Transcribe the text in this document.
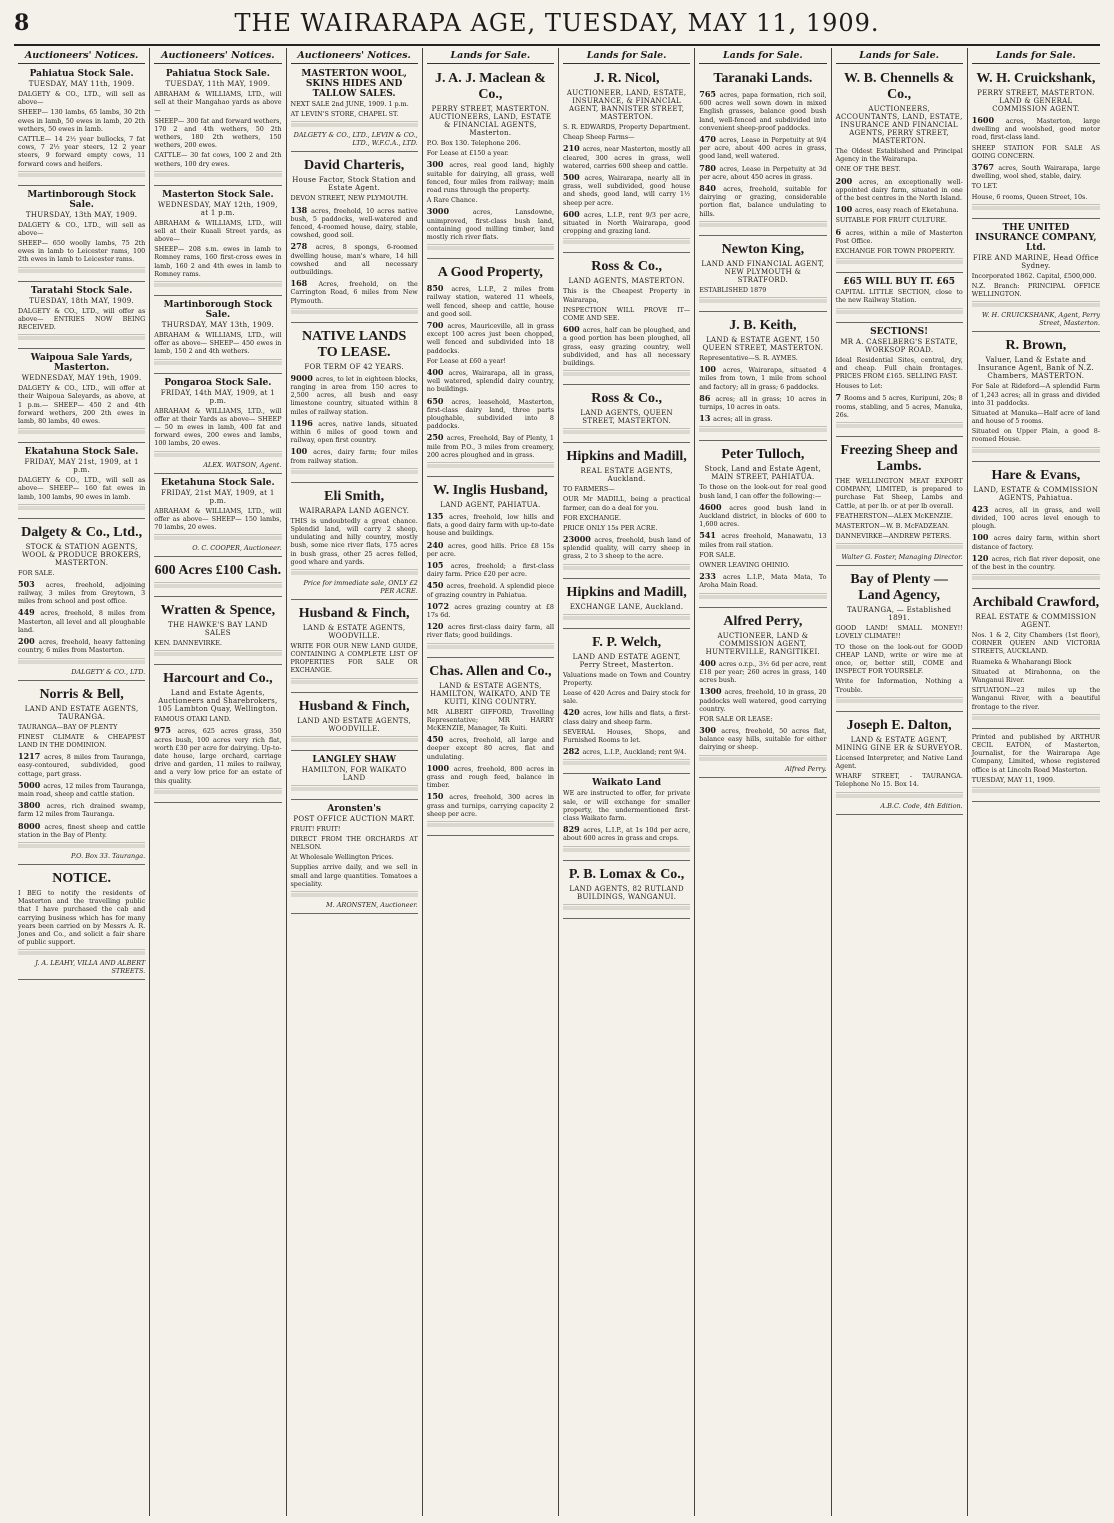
8	THE WAIRARAPA AGE, TUESDAY, MAY 11, 1909.
Auctioneers' Notices.
Pahiatua Stock Sale.
TUESDAY, MAY 11th, 1909.

DALGETY & CO., LTD., will sell as above—

SHEEP— 130 lambs, 65 lambs, 30 2th ewes in lamb, 50 ewes in lamb, 20 2th wethers, 50 ewes in lamb.

CATTLE— 14 2½ year bullocks, 7 fat cows, 7 2½ year steers, 12 2 year steers, 9 forward empty cows, 11 forward cows and heifers.

Martinborough Stock Sale.
THURSDAY, 13th MAY, 1909.

DALGETY & CO., LTD., will sell as above—

SHEEP— 650 woolly lambs, 75 2th ewes in lamb to Leicester rams, 100 2th ewes in lamb to Leicester rams.

Taratahi Stock Sale.
TUESDAY, 18th MAY, 1909.

DALGETY & CO., LTD., will offer as above— ENTRIES NOW BEING RECEIVED.

Waipoua Sale Yards, Masterton.
WEDNESDAY, MAY 19th, 1909.

DALGETY & CO., LTD., will offer at their Waipoua Saleyards, as above, at 1 p.m.— SHEEP— 450 2 and 4th forward wethers, 200 2th ewes in lamb, 80 lambs, 40 ewes.

Ekatahuna Stock Sale.
FRIDAY, MAY 21st, 1909, at 1 p.m.

DALGETY & CO., LTD., will sell as above— SHEEP— 160 fat ewes in lamb, 100 lambs, 90 ewes in lamb.

Dalgety & Co., Ltd.,
STOCK & STATION AGENTS, WOOL & PRODUCE BROKERS, MASTERTON.

FOR SALE.

503 acres, freehold, adjoining railway, 3 miles from Greytown, 3 miles from school and post office.

449 acres, freehold, 8 miles from Masterton, all level and all ploughable land.

200 acres, freehold, heavy fattening country, 6 miles from Masterton.

DALGETY & CO., LTD.
Norris & Bell,
LAND AND ESTATE AGENTS, TAURANGA.

TAURANGA—BAY OF PLENTY

FINEST CLIMATE & CHEAPEST LAND IN THE DOMINION.

1217 acres, 8 miles from Tauranga, easy-contoured, subdivided, good cottage, part grass.

5000 acres, 12 miles from Tauranga, main road, sheep and cattle station.

3800 acres, rich drained swamp, farm 12 miles from Tauranga.

8000 acres, finest sheep and cattle station in the Bay of Plenty.

P.O. Box 33. Tauranga.
NOTICE.

I BEG to notify the residents of Masterton and the travelling public that I have purchased the cab and carrying business which has for many years been carried on by Messrs A. R. Jones and Co., and solicit a fair share of public support.

J. A. LEAHY, VILLA AND ALBERT STREETS.
Auctioneers' Notices.
Pahiatua Stock Sale.
TUESDAY, 11th MAY, 1909.

ABRAHAM & WILLIAMS, LTD., will sell at their Mangahao yards as above—

SHEEP— 300 fat and forward wethers, 170 2 and 4th wethers, 50 2th wethers, 180 2th wethers, 150 wethers, 200 ewes.

CATTLE— 30 fat cows, 100 2 and 2th wethers, 100 dry ewes.

Masterton Stock Sale.
WEDNESDAY, MAY 12th, 1909, at 1 p.m.

ABRAHAM & WILLIAMS, LTD., will sell at their Kuaali Street yards, as above—

SHEEP— 208 s.m. ewes in lamb to Romney rams, 160 first-cross ewes in lamb, 160 2 and 4th ewes in lamb to Romney rams.

Martinborough Stock Sale.
THURSDAY, MAY 13th, 1909.

ABRAHAM & WILLIAMS, LTD., will offer as above— SHEEP— 450 ewes in lamb, 150 2 and 4th wethers.

Pongaroa Stock Sale.
FRIDAY, 14th MAY, 1909, at 1 p.m.

ABRAHAM & WILLIAMS, LTD., will offer at their Yards as above— SHEEP— 50 m ewes in lamb, 400 fat and forward ewes, 200 ewes and lambs, 100 lambs, 20 ewes.

ALEX. WATSON, Agent.
Eketahuna Stock Sale.
FRIDAY, 21st MAY, 1909, at 1 p.m.

ABRAHAM & WILLIAMS, LTD., will offer as above— SHEEP— 150 lambs, 70 lambs, 20 ewes.

O. C. COOPER, Auctioneer.
600 Acres £100 Cash.
Wratten & Spence,
THE HAWKE'S BAY LAND SALES

KEN. DANNEVIRKE.

Harcourt and Co.,
Land and Estate Agents, Auctioneers and Sharebrokers, 105 Lambton Quay, Wellington.

FAMOUS OTAKI LAND.

975 acres, 625 acres grass, 350 acres bush, 100 acres very rich flat, worth £30 per acre for dairying. Up-to-date house, large orchard, carriage drive and garden, 11 miles to railway, and a very low price for an estate of this quality.

Auctioneers' Notices.
MASTERTON WOOL, SKINS HIDES AND TALLOW SALES.

NEXT SALE 2nd JUNE, 1909. 1 p.m.

AT LEVIN'S STORE, CHAPEL ST.

DALGETY & CO., LTD., LEVIN & CO., LTD., W.F.C.A., LTD.
David Charteris,
House Factor, Stock Station and Estate Agent.

DEVON STREET, NEW PLYMOUTH.

138 acres, freehold, 10 acres native bush, 5 paddocks, well-watered and fenced, 4-roomed house, dairy, stable, cowshed, good soil.

278 acres, 8 spongs, 6-roomed dwelling house, man's whare, 14 hill cowshed and all necessary outbuildings.

168 Acres, freehold, on the Carrington Road, 6 miles from New Plymouth.

NATIVE LANDS TO LEASE.
FOR TERM OF 42 YEARS.

9000 acres, to let in eighteen blocks, ranging in area from 150 acres to 2,500 acres, all bush and easy limestone country, situated within 8 miles of railway station.

1196 acres, native lands, situated within 6 miles of good town and railway, open first country.

100 acres, dairy farm; four miles from railway station.

Eli Smith,
WAIRARAPA LAND AGENCY.

THIS is undoubtedly a great chance. Splendid land, will carry 2 sheep, undulating and hilly country, mostly bush, some nice river flats, 175 acres in bush grass, other 25 acres felled, good whare and yards.

Price for immediate sale, ONLY £2 PER ACRE.
Husband & Finch,
LAND & ESTATE AGENTS, WOODVILLE.

WRITE FOR OUR NEW LAND GUIDE, CONTAINING A COMPLETE LIST OF PROPERTIES FOR SALE OR EXCHANGE.

Husband & Finch,
LAND AND ESTATE AGENTS, WOODVILLE.
LANGLEY SHAW
HAMILTON, FOR WAIKATO LAND
Aronsten's
POST OFFICE AUCTION MART.

FRUIT! FRUIT!

DIRECT FROM THE ORCHARDS AT NELSON.

At Wholesale Wellington Prices.

Supplies arrive daily, and we sell in small and large quantities. Tomatoes a speciality.

M. ARONSTEN, Auctioneer.
Lands for Sale.
J. A. J. Maclean & Co.,
PERRY STREET, MASTERTON. AUCTIONEERS, LAND, ESTATE & FINANCIAL AGENTS, Masterton.

P.O. Box 130. Telephone 206.

For Lease at £150 a year.

300 acres, real good land, highly suitable for dairying, all grass, well fenced, four miles from railway; main road runs through the property.

A Rare Chance.

3000 acres, Lansdowne, unimproved, first-class bush land, containing good milling timber, land mostly rich river flats.

A Good Property,

850 acres, L.I.P., 2 miles from railway station, watered 11 wheels, well fenced, sheep and cattle, house and good soil.

700 acres, Mauriceville, all in grass except 100 acres just been chopped, well fenced and subdivided into 18 paddocks.

For Lease at £60 a year!

400 acres, Wairarapa, all in grass, well watered, splendid dairy country, no buildings.

650 acres, leasehold, Masterton, first-class dairy land, three parts ploughable, subdivided into 8 paddocks.

250 acres, Freehold, Bay of Plenty, 1 mile from P.O., 3 miles from creamery, 200 acres ploughed and in grass.

W. Inglis Husband,
LAND AGENT, PAHIATUA.

135 acres, freehold, low hills and flats, a good dairy farm with up-to-date house and buildings.

240 acres, good hills. Price £8 15s per acre.

105 acres, freehold; a first-class dairy farm. Price £20 per acre.

450 acres, freehold. A splendid piece of grazing country in Pahiatua.

1072 acres grazing country at £8 17s 6d.

120 acres first-class dairy farm, all river flats; good buildings.

Chas. Allen and Co.,
LAND & ESTATE AGENTS, HAMILTON, WAIKATO, AND TE KUITI, KING COUNTRY.

MR ALBERT GIFFORD, Travelling Representative; MR HARRY McKENZIE, Manager, Te Kuiti.

450 acres, freehold, all large and deeper except 80 acres, flat and undulating.

1000 acres, freehold, 800 acres in grass and rough feed, balance in timber.

150 acres, freehold, 300 acres in grass and turnips, carrying capacity 2 sheep per acre.

Lands for Sale.
J. R. Nicol,
AUCTIONEER, LAND, ESTATE, INSURANCE, & FINANCIAL AGENT, BANNISTER STREET, MASTERTON.

S. R. EDWARDS, Property Department.

Cheap Sheep Farms—

210 acres, near Masterton, mostly all cleared, 300 acres in grass, well watered, carries 600 sheep and cattle.

500 acres, Wairarapa, nearly all in grass, well subdivided, good house and sheds, good land, will carry 1½ sheep per acre.

600 acres, L.I.P., rent 9/3 per acre, situated in North Wairarapa, good cropping and grazing land.

Ross & Co.,
LAND AGENTS, MASTERTON.

This is the Cheapest Property in Wairarapa,

INSPECTION WILL PROVE IT— COME AND SEE.

600 acres, half can be ploughed, and a good portion has been ploughed, all grass, easy grazing country, well subdivided, and has all necessary buildings.

Ross & Co.,
LAND AGENTS, QUEEN STREET, MASTERTON.
Hipkins and Madill,
REAL ESTATE AGENTS, Auckland.

TO FARMERS—

OUR Mr MADILL, being a practical farmer, can do a deal for you.

FOR EXCHANGE.

PRICE ONLY 15s PER ACRE.

23000 acres, freehold, bush land of splendid quality, will carry sheep in grass, 2 to 3 sheep to the acre.

Hipkins and Madill,
EXCHANGE LANE, Auckland.
F. P. Welch,
LAND AND ESTATE AGENT, Perry Street, Masterton.

Valuations made on Town and Country Property.

Lease of 420 Acres and Dairy stock for sale.

420 acres, low hills and flats, a first-class dairy and sheep farm.

SEVERAL Houses, Shops, and Furnished Rooms to let.

282 acres, L.I.P., Auckland; rent 9/4.

Waikato Land

WE are instructed to offer, for private sale, or will exchange for smaller property, the undermentioned first-class Waikato farm.

829 acres, L.I.P., at 1s 10d per acre, about 600 acres in grass and crops.

P. B. Lomax & Co.,
LAND AGENTS, 82 RUTLAND BUILDINGS, WANGANUI.
Lands for Sale.
Taranaki Lands.

765 acres, papa formation, rich soil, 600 acres well sown down in mixed English grasses, balance good bush land, well-fenced and subdivided into convenient sheep-proof paddocks.

470 acres, Lease in Perpetuity at 9/4 per acre, about 400 acres in grass, good land, well watered.

780 acres, Lease in Perpetuity at 3d per acre, about 450 acres in grass.

840 acres, freehold, suitable for dairying or grazing, considerable portion flat, balance undulating to hills.

Newton King,
LAND AND FINANCIAL AGENT, NEW PLYMOUTH & STRATFORD.

ESTABLISHED 1879

J. B. Keith,
LAND & ESTATE AGENT, 150 QUEEN STREET, MASTERTON.

Representative—S. R. AYMES.

100 acres, Wairarapa, situated 4 miles from town, 1 mile from school and factory; all in grass; 6 paddocks.

86 acres; all in grass; 10 acres in turnips, 10 acres in oats.

13 acres; all in grass.

Peter Tulloch,
Stock, Land and Estate Agent, MAIN STREET, PAHIATUA.

To those on the look-out for real good bush land, I can offer the following:—

4600 acres good bush land in Auckland district, in blocks of 600 to 1,600 acres.

541 acres freehold, Manawatu, 13 miles from rail station.

FOR SALE.

OWNER LEAVING OHINIO.

233 acres L.I.P., Mata Mata, To Aroha Main Road.

Alfred Perry,
AUCTIONEER, LAND & COMMISSION AGENT, HUNTERVILLE, RANGITIKEI.

400 acres o.r.p., 3½ 6d per acre, rent £18 per year; 260 acres in grass, 140 acres bush.

1300 acres, freehold, 10 in grass, 20 paddocks well watered, good carrying country.

FOR SALE OR LEASE:

300 acres, freehold, 50 acres flat, balance easy hills, suitable for either dairying or sheep.

Alfred Perry.
Lands for Sale.
W. B. Chennells & Co.,
AUCTIONEERS, ACCOUNTANTS, LAND, ESTATE, INSURANCE AND FINANCIAL AGENTS, PERRY STREET, MASTERTON.

The Oldest Established and Principal Agency in the Wairarapa.

ONE OF THE BEST.

200 acres, an exceptionally well-appointed dairy farm, situated in one of the best centres in the North Island.

100 acres, easy reach of Eketahuna.

SUITABLE FOR FRUIT CULTURE.

6 acres, within a mile of Masterton Post Office.

EXCHANGE FOR TOWN PROPERTY.

£65 WILL BUY IT. £65

CAPITAL LITTLE SECTION, close to the new Railway Station.

SECTIONS!
MR A. CASELBERG'S ESTATE, WORKSOP ROAD.

Ideal Residential Sites, central, dry, and cheap. Full chain frontages. PRICES FROM £165. SELLING FAST.

Houses to Let:

7 Rooms and 5 acres, Kuripuni, 20s; 8 rooms, stabling, and 5 acres, Manuka, 26s.

Freezing Sheep and Lambs.

THE WELLINGTON MEAT EXPORT COMPANY, LIMITED, is prepared to purchase Fat Sheep, Lambs and Cattle, at per lb. or at per lb overall.

FEATHERSTON—ALEX McKENZIE.

MASTERTON—W. B. McFADZEAN.

DANNEVIRKE—ANDREW PETERS.

Walter G. Foster, Managing Director.
Bay of Plenty — Land Agency,
TAURANGA, — Established 1891.

GOOD LAND! SMALL MONEY!! LOVELY CLIMATE!!

TO those on the look-out for GOOD CHEAP LAND, write or wire me at once, or, better still, COME and INSPECT FOR YOURSELF.

Write for Information, Nothing a Trouble.

Joseph E. Dalton,
LAND & ESTATE AGENT, MINING GINE ER & SURVEYOR.

Licensed Interpreter, and Native Land Agent.

WHARF STREET, - TAURANGA. Telephone No 15. Box 14.

A.B.C. Code, 4th Edition.
Lands for Sale.
W. H. Cruickshank,
PERRY STREET, MASTERTON. LAND & GENERAL COMMISSION AGENT.

1600 acres, Masterton, large dwelling and woolshed, good motor road, first-class land.

SHEEP STATION FOR SALE AS GOING CONCERN.

3767 acres, South Wairarapa, large dwelling, wool shed, stable, dairy.

TO LET.

House, 6 rooms, Queen Street, 10s.

THE UNITED INSURANCE COMPANY, Ltd.
FIRE AND MARINE, Head Office Sydney.

Incorporated 1862. Capital, £500,000.

N.Z. Branch: PRINCIPAL OFFICE WELLINGTON.

W. H. CRUICKSHANK, Agent, Perry Street, Masterton.
R. Brown,
Valuer, Land & Estate and Insurance Agent, Bank of N.Z. Chambers, MASTERTON.

For Sale at Rideford—A splendid Farm of 1,243 acres; all in grass and divided into 31 paddocks.

Situated at Manuka—Half acre of land and house of 5 rooms.

Situated on Upper Plain, a good 8-roomed House.

Hare & Evans,
LAND, ESTATE & COMMISSION AGENTS, Pahiatua.

423 acres, all in grass, and well divided, 100 acres level enough to plough.

100 acres dairy farm, within short distance of factory.

120 acres, rich flat river deposit, one of the best in the country.

Archibald Crawford,
REAL ESTATE & COMMISSION AGENT.

Nos. 1 & 2, City Chambers (1st floor), CORNER QUEEN AND VICTORIA STREETS, AUCKLAND.

Ruameka & Whaharangi Block

Situated at Mirahonna, on the Wanganui River.

SITUATION—23 miles up the Wanganui River, with a beautiful frontage to the river.

Printed and published by ARTHUR CECIL EATON, of Masterton, Journalist, for the Wairarapa Age Company, Limited, whose registered office is at Lincoln Road Masterton.

TUESDAY, MAY 11, 1909.
